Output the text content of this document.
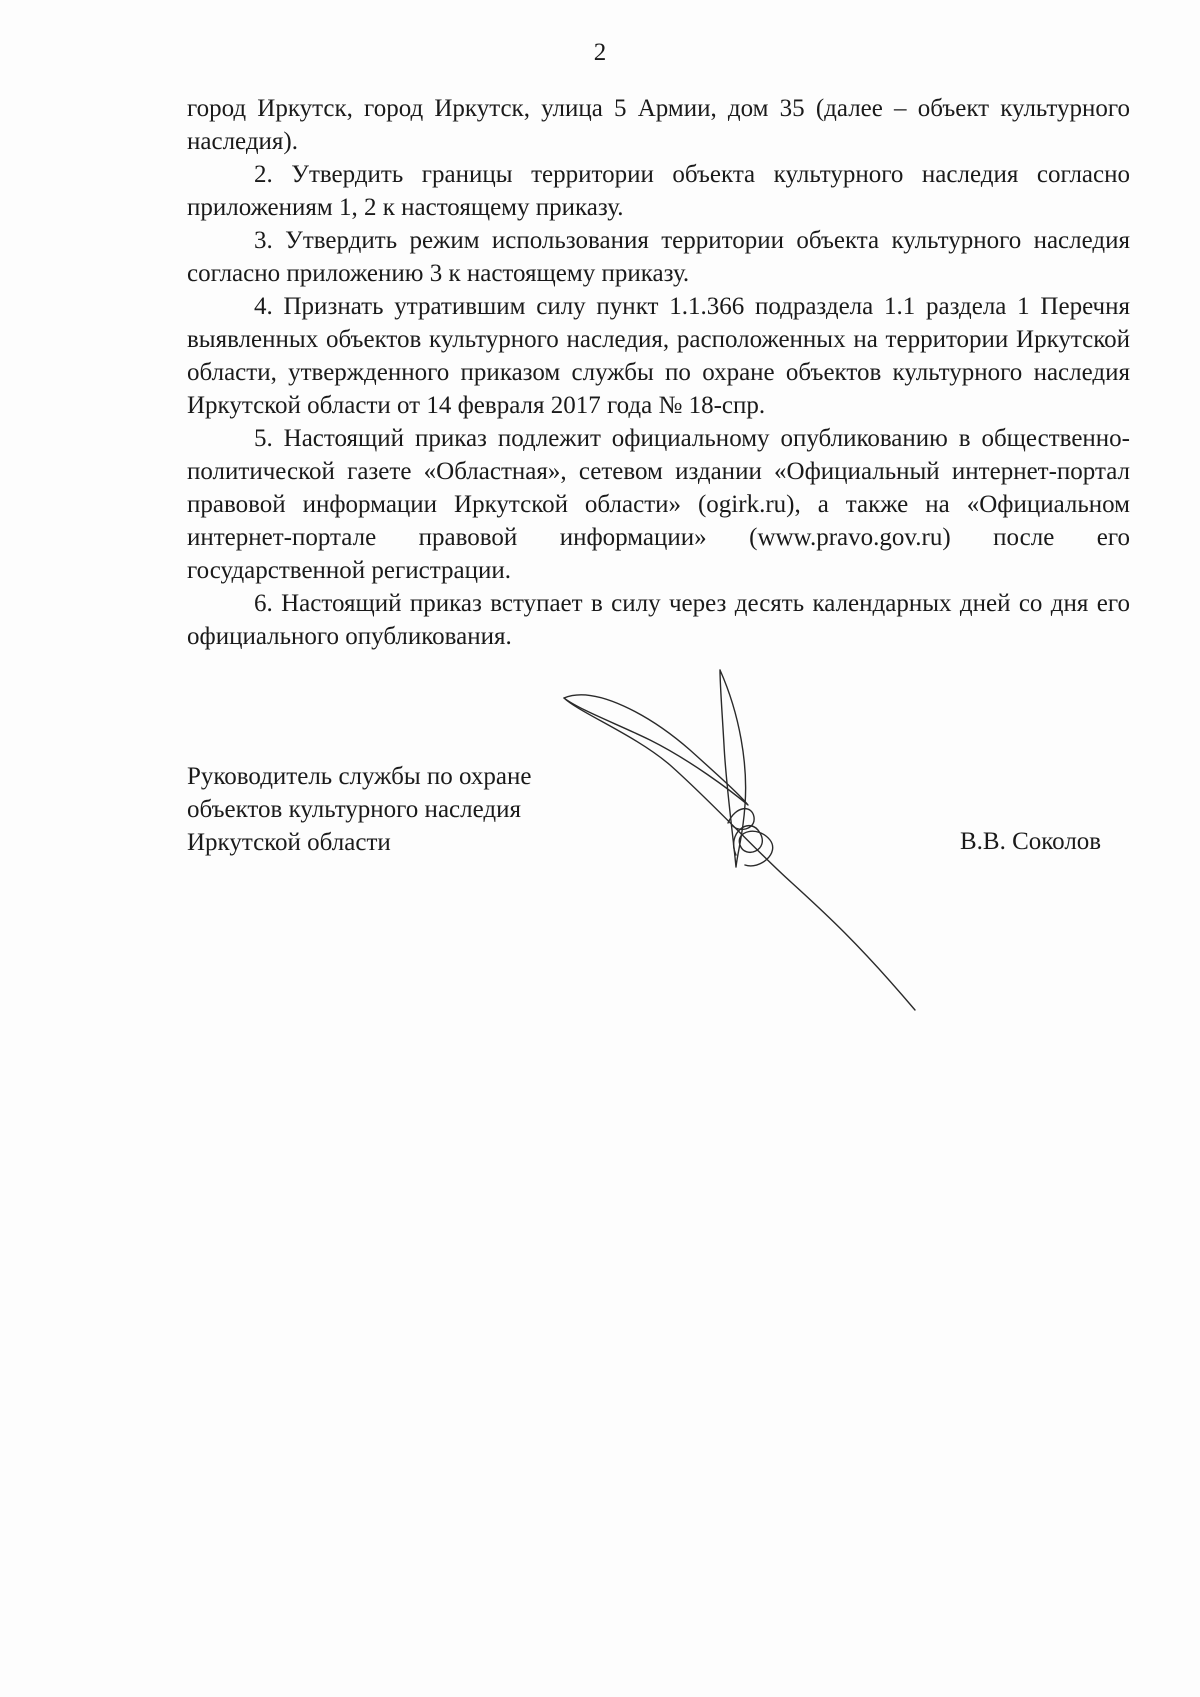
2

город Иркутск, город Иркутск, улица 5 Армии, дом 35 (далее – объект культурного наследия).

2. Утвердить границы территории объекта культурного наследия согласно приложениям 1, 2 к настоящему приказу.

3. Утвердить режим использования территории объекта культурного наследия согласно приложению 3 к настоящему приказу.

4. Признать утратившим силу пункт 1.1.366 подраздела 1.1 раздела 1 Перечня выявленных объектов культурного наследия, расположенных на территории Иркутской области, утвержденного приказом службы по охране объектов культурного наследия Иркутской области от 14 февраля 2017 года № 18-спр.

5. Настоящий приказ подлежит официальному опубликованию в общественно-политической газете «Областная», сетевом издании «Официальный интернет-портал правовой информации Иркутской области» (ogirk.ru), а также на «Официальном интернет-портале правовой информации» (www.pravo.gov.ru) после его государственной регистрации.

6. Настоящий приказ вступает в силу через десять календарных дней со дня его официального опубликования.

Руководитель службы по охране
объектов культурного наследия
Иркутской области	В.В. Соколов
